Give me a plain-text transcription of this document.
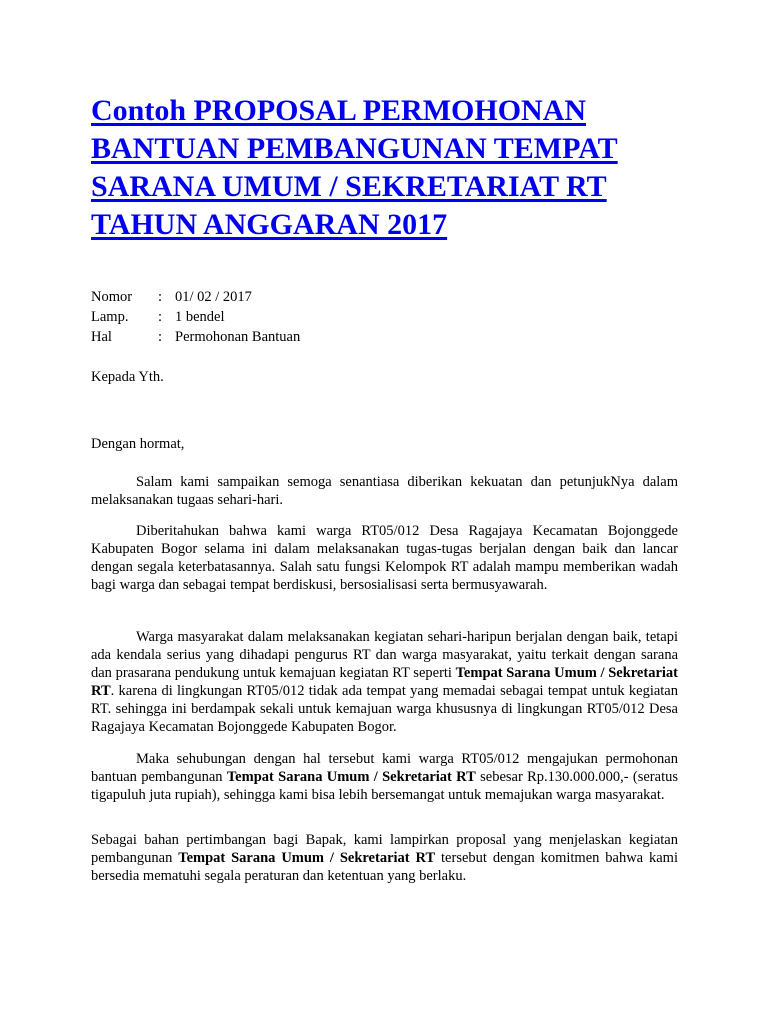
Contoh PROPOSAL PERMOHONAN BANTUAN PEMBANGUNAN TEMPAT SARANA UMUM / SEKRETARIAT RT TAHUN ANGGARAN 2017
Nomor	:	01/ 02 / 2017
Lamp.	:	1 bendel
Hal	:	Permohonan Bantuan

Kepada Yth.

Dengan hormat,

Salam kami sampaikan semoga senantiasa diberikan kekuatan dan petunjukNya dalam melaksanakan tugaas sehari-hari.

Diberitahukan bahwa kami warga RT05/012 Desa Ragajaya Kecamatan Bojonggede Kabupaten Bogor selama ini dalam melaksanakan tugas-tugas berjalan dengan baik dan lancar dengan segala keterbatasannya. Salah satu fungsi Kelompok RT adalah mampu memberikan wadah bagi warga dan sebagai tempat berdiskusi, bersosialisasi serta bermusyawarah.

Warga masyarakat dalam melaksanakan kegiatan sehari-haripun berjalan dengan baik, tetapi ada kendala serius yang dihadapi pengurus RT dan warga masyarakat, yaitu terkait dengan sarana dan prasarana pendukung untuk kemajuan kegiatan RT seperti Tempat Sarana Umum / Sekretariat RT. karena di lingkungan RT05/012 tidak ada tempat yang memadai sebagai tempat untuk kegiatan RT. sehingga ini berdampak sekali untuk kemajuan warga khususnya di lingkungan RT05/012 Desa Ragajaya Kecamatan Bojonggede Kabupaten Bogor.

Maka sehubungan dengan hal tersebut kami warga RT05/012 mengajukan permohonan bantuan pembangunan Tempat Sarana Umum / Sekretariat RT sebesar Rp.130.000.000,- (seratus tigapuluh juta rupiah), sehingga kami bisa lebih bersemangat untuk memajukan warga masyarakat.

Sebagai bahan pertimbangan bagi Bapak, kami lampirkan proposal yang menjelaskan kegiatan pembangunan Tempat Sarana Umum / Sekretariat RT tersebut dengan komitmen bahwa kami bersedia mematuhi segala peraturan dan ketentuan yang berlaku.
